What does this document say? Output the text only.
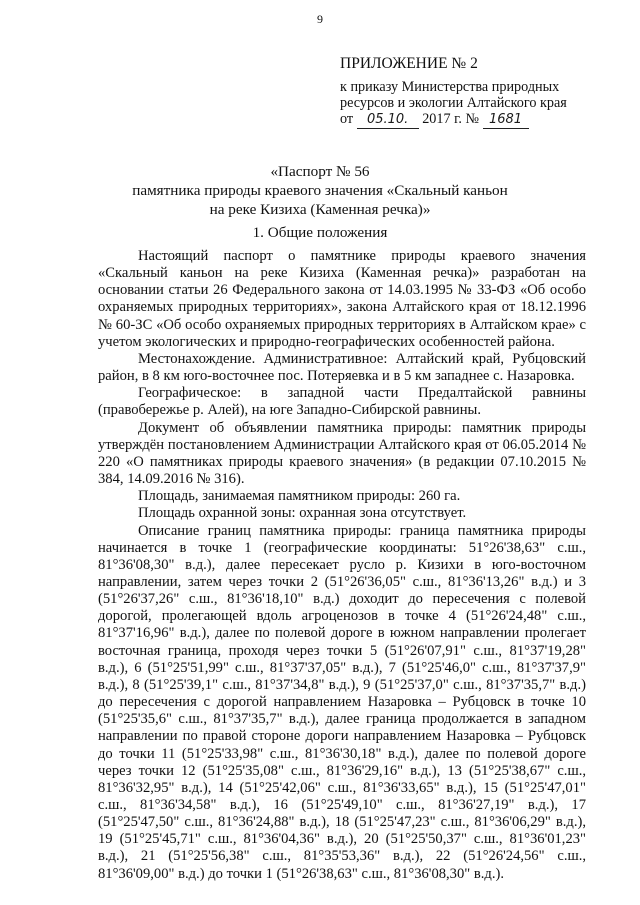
9
ПРИЛОЖЕНИЕ № 2
к приказу Министерства природных
ресурсов и экологии Алтайского края
от 05.10. 2017 г. № 1681
«Паспорт № 56
памятника природы краевого значения «Скальный каньон
на реке Кизиха (Каменная речка)»
1. Общие положения

Настоящий паспорт о памятнике природы краевого значения «Скальный каньон на реке Кизиха (Каменная речка)» разработан на основании статьи 26 Федерального закона от 14.03.1995 № 33-ФЗ «Об особо охраняемых природных территориях», закона Алтайского края от 18.12.1996 № 60-ЗС «Об особо охраняемых природных территориях в Алтайском крае» с учетом экологических и природно-географических особенностей района.

Местонахождение. Административное: Алтайский край, Рубцовский район, в 8 км юго-восточнее пос. Потеряевка и в 5 км западнее с. Назаровка.

Географическое: в западной части Предалтайской равнины (правобережье р. Алей), на юге Западно-Сибирской равнины.

Документ об объявлении памятника природы: памятник природы утверждён постановлением Администрации Алтайского края от 06.05.2014 № 220 «О памятниках природы краевого значения» (в редакции 07.10.2015 № 384, 14.09.2016 № 316).

Площадь, занимаемая памятником природы: 260 га.

Площадь охранной зоны: охранная зона отсутствует.

Описание границ памятника природы: граница памятника природы начинается в точке 1 (географические координаты: 51°26'38,63" с.ш., 81°36'08,30" в.д.), далее пересекает русло р. Кизихи в юго-восточном направлении, затем через точки 2 (51°26'36,05" с.ш., 81°36'13,26" в.д.) и 3 (51°26'37,26" с.ш., 81°36'18,10" в.д.) доходит до пересечения с полевой дорогой, пролегающей вдоль агроценозов в точке 4 (51°26'24,48" с.ш., 81°37'16,96" в.д.), далее по полевой дороге в южном направлении пролегает восточная граница, проходя через точки 5 (51°26'07,91" с.ш., 81°37'19,28" в.д.), 6 (51°25'51,99" с.ш., 81°37'37,05" в.д.), 7 (51°25'46,0" с.ш., 81°37'37,9" в.д.), 8 (51°25'39,1" с.ш., 81°37'34,8" в.д.), 9 (51°25'37,0" с.ш., 81°37'35,7" в.д.) до пересечения с дорогой направлением Назаровка – Рубцовск в точке 10 (51°25'35,6" с.ш., 81°37'35,7" в.д.), далее граница продолжается в западном направлении по правой стороне дороги направлением Назаровка – Рубцовск до точки 11 (51°25'33,98" с.ш., 81°36'30,18" в.д.), далее по полевой дороге через точки 12 (51°25'35,08" с.ш., 81°36'29,16" в.д.), 13 (51°25'38,67" с.ш., 81°36'32,95" в.д.), 14 (51°25'42,06" с.ш., 81°36'33,65" в.д.), 15 (51°25'47,01" с.ш., 81°36'34,58" в.д.), 16 (51°25'49,10" с.ш., 81°36'27,19" в.д.), 17 (51°25'47,50" с.ш., 81°36'24,88" в.д.), 18 (51°25'47,23" с.ш., 81°36'06,29" в.д.), 19 (51°25'45,71" с.ш., 81°36'04,36" в.д.), 20 (51°25'50,37" с.ш., 81°36'01,23" в.д.), 21 (51°25'56,38" с.ш., 81°35'53,36" в.д.), 22 (51°26'24,56" с.ш., 81°36'09,00" в.д.) до точки 1 (51°26'38,63" с.ш., 81°36'08,30" в.д.).
